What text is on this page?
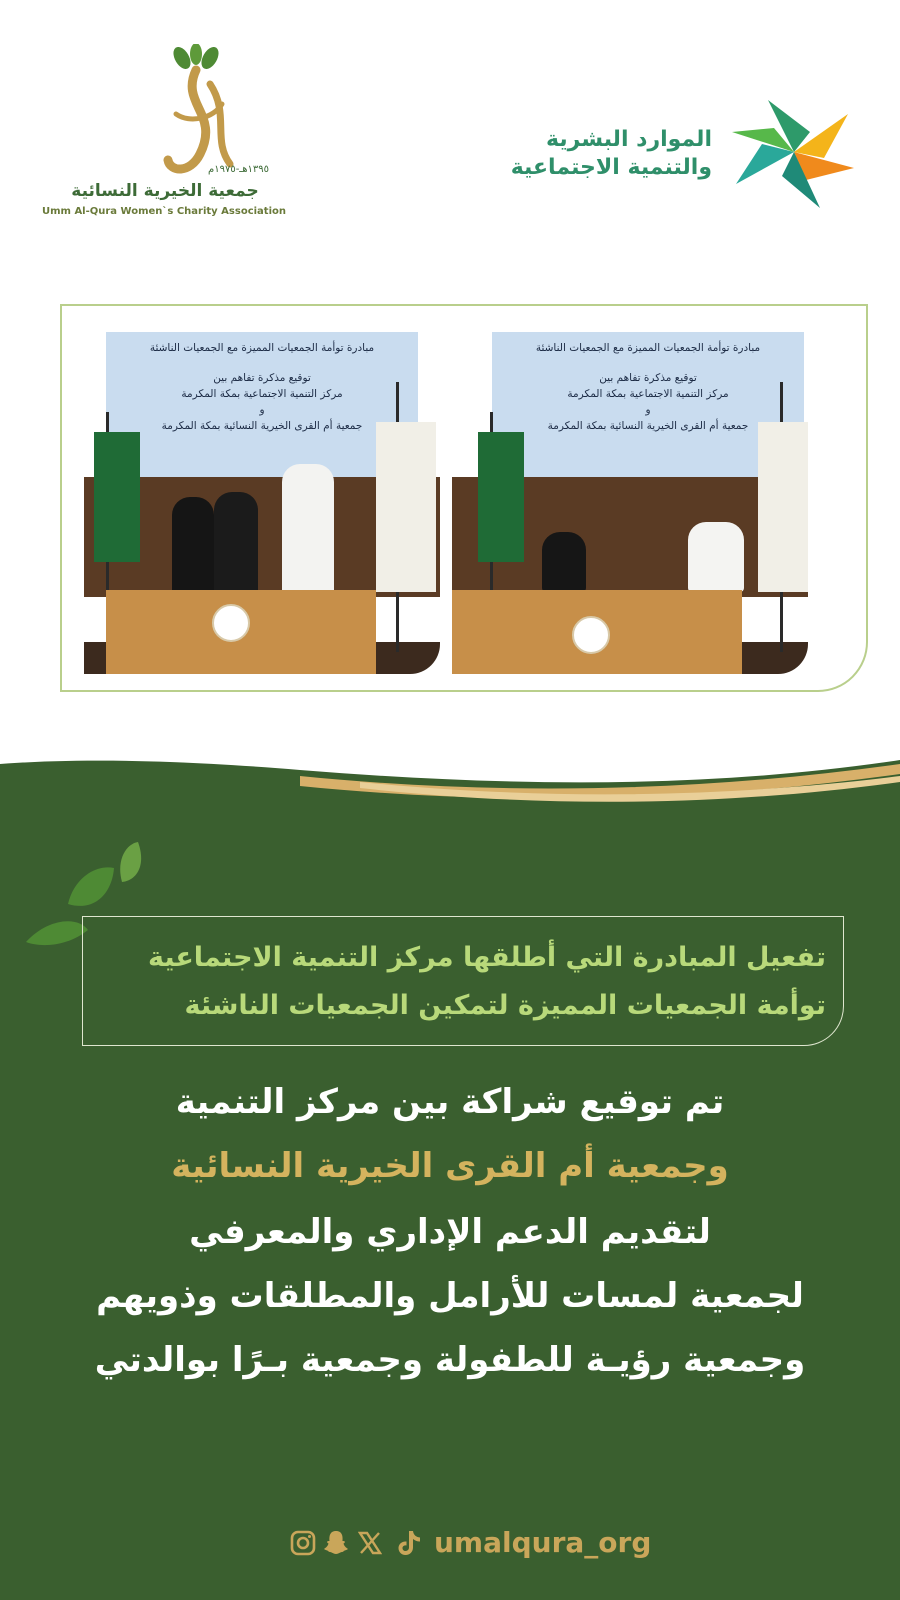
الموارد البشرية
والتنمية الاجتماعية
١٣٩٥هـ-١٩٧٥م
جمعية الخيرية النسائية
Umm Al-Qura Women`s Charity Association
مبادرة توأمة الجمعيات المميزة مع الجمعيات الناشئة
توقيع مذكرة تفاهم بين
مركز التنمية الاجتماعية بمكة المكرمة
و
جمعية أم القرى الخيرية النسائية بمكة المكرمة
مبادرة توأمة الجمعيات المميزة مع الجمعيات الناشئة
توقيع مذكرة تفاهم بين
مركز التنمية الاجتماعية بمكة المكرمة
و
جمعية أم القرى الخيرية النسائية بمكة المكرمة
تفعيل المبادرة التي أطلقها مركز التنمية الاجتماعية
توأمة الجمعيات المميزة لتمكين الجمعيات الناشئة
تم توقيع شراكة بين مركز التنمية
وجمعية أم القرى الخيرية النسائية
لتقديم الدعم الإداري والمعرفي
لجمعية لمسات للأرامل والمطلقات وذويهم
وجمعية رؤيـة للطفولة وجمعية بـرًا بوالدتي
umalqura_org
